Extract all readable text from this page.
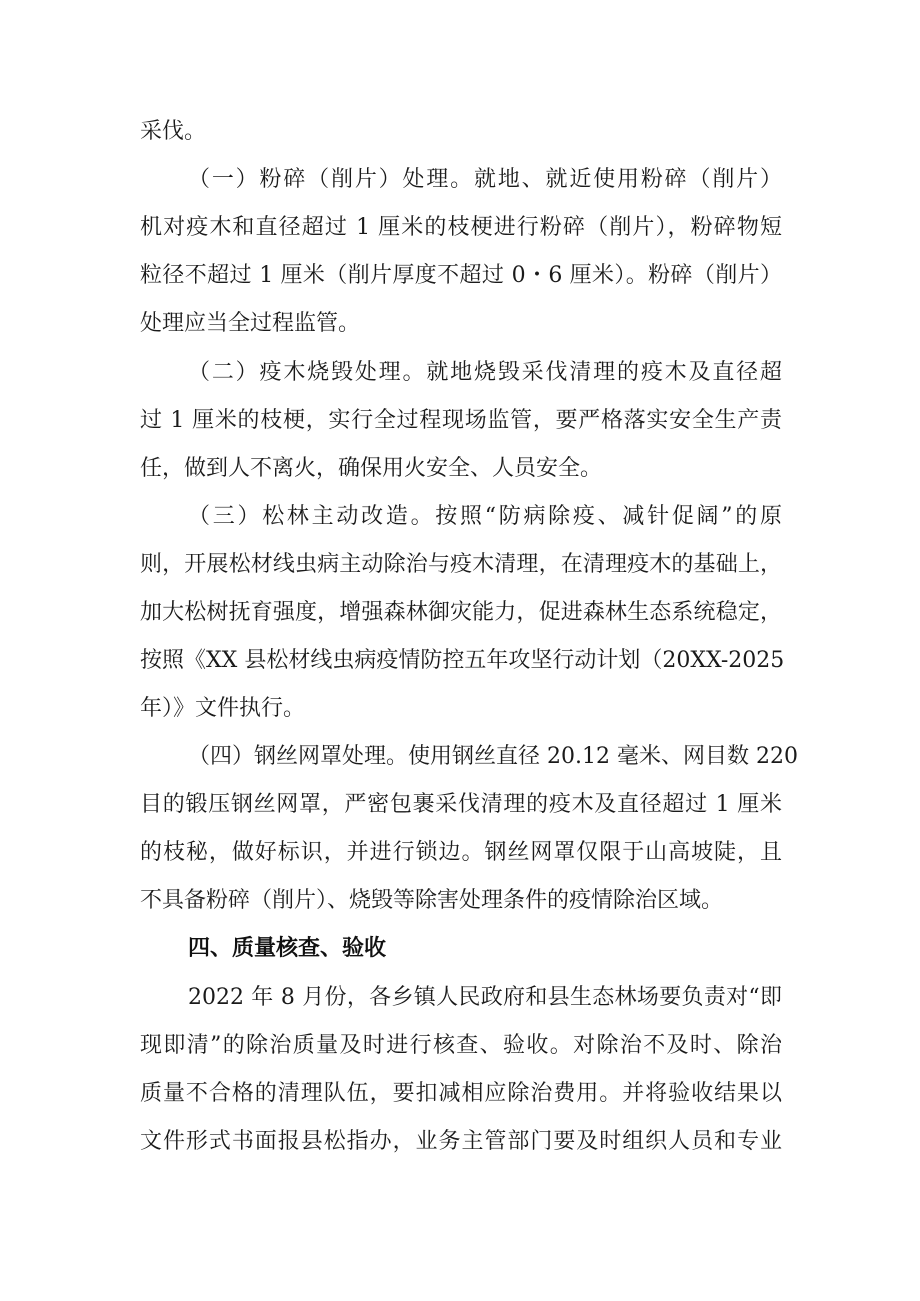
采伐。

（一）粉碎（削片）处理。就地、就近使用粉碎（削片）

机对疫木和直径超过 1 厘米的枝梗进行粉碎（削片），粉碎物短

粒径不超过 1 厘米（削片厚度不超过 0・6 厘米）。粉碎（削片）

处理应当全过程监管。

（二）疫木烧毁处理。就地烧毁采伐清理的疫木及直径超

过 1 厘米的枝梗，实行全过程现场监管，要严格落实安全生产责

任，做到人不离火，确保用火安全、人员安全。

（三）松林主动改造。按照“防病除疫、减针促阔”的原

则，开展松材线虫病主动除治与疫木清理，在清理疫木的基础上，

加大松树抚育强度，增强森林御灾能力，促进森林生态系统稳定，

按照《XX 县松材线虫病疫情防控五年攻坚行动计划（20XX-2025

年）》文件执行。

（四）钢丝网罩处理。使用钢丝直径 20.12 毫米、网目数 220

目的锻压钢丝网罩，严密包裹采伐清理的疫木及直径超过 1 厘米

的枝秘，做好标识，并进行锁边。钢丝网罩仅限于山高坡陡，且

不具备粉碎（削片）、烧毁等除害处理条件的疫情除治区域。

四、质量核查、验收

2022 年 8 月份，各乡镇人民政府和县生态林场要负责对“即

现即清”的除治质量及时进行核查、验收。对除治不及时、除治

质量不合格的清理队伍，要扣减相应除治费用。并将验收结果以

文件形式书面报县松指办，业务主管部门要及时组织人员和专业
